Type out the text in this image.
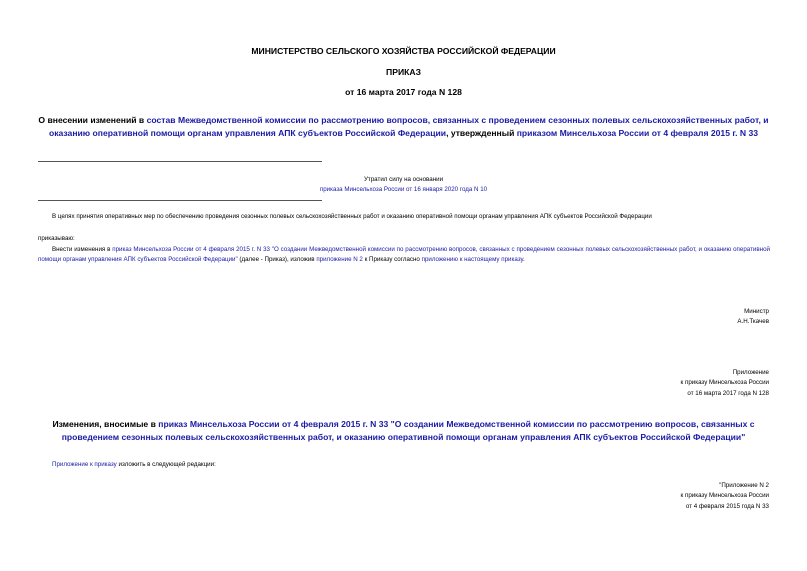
МИНИСТЕРСТВО СЕЛЬСКОГО ХОЗЯЙСТВА РОССИЙСКОЙ ФЕДЕРАЦИИ
ПРИКАЗ
от 16 марта 2017 года N 128
О внесении изменений в состав Межведомственной комиссии по рассмотрению вопросов, связанных с проведением сезонных полевых сельскохозяйственных работ, и оказанию оперативной помощи органам управления АПК субъектов Российской Федерации, утвержденный приказом Минсельхоза России от 4 февраля 2015 г. N 33
Утратил силу на основании
приказа Минсельхоза России от 16 января 2020 года N 10
В целях принятия оперативных мер по обеспечению проведения сезонных полевых сельскохозяйственных работ и оказанию оперативной помощи органам управления АПК субъектов Российской Федерации
приказываю:
Внести изменения в приказ Минсельхоза России от 4 февраля 2015 г. N 33 "О создании Межведомственной комиссии по рассмотрению вопросов, связанных с проведением сезонных полевых сельскохозяйственных работ, и оказанию оперативной помощи органам управления АПК субъектов Российской Федерации" (далее - Приказ), изложив приложение N 2 к Приказу согласно приложению к настоящему приказу.
Министр
А.Н.Ткачев
Приложение
к приказу Минсельхоза России
от 16 марта 2017 года N 128
Изменения, вносимые в приказ Минсельхоза России от 4 февраля 2015 г. N 33 "О создании Межведомственной комиссии по рассмотрению вопросов, связанных с проведением сезонных полевых сельскохозяйственных работ, и оказанию оперативной помощи органам управления АПК субъектов Российской Федерации"
Приложение к приказу изложить в следующей редакции:
"Приложение N 2
к приказу Минсельхоза России
от 4 февраля 2015 года N 33
